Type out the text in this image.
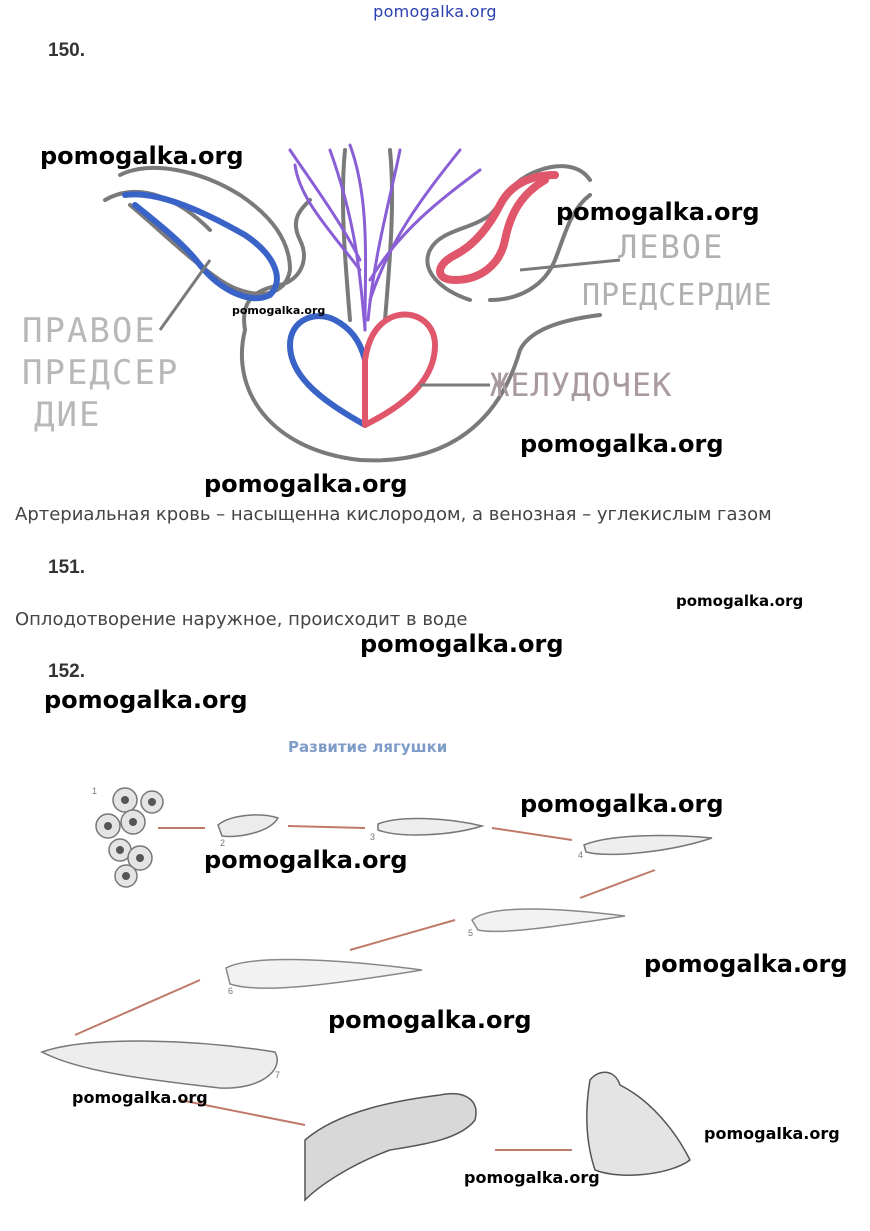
pomogalka.org
150.
ПРАВОЕ
ПРЕДСЕР
ДИЕ
ЛЕВОЕ
ПРЕДСЕРДИЕ
ЖЕЛУДОЧЕК
Артериальная кровь – насыщенна кислородом, а венозная – углекислым газом
151.
Оплодотворение наружное, происходит в воде
152.
Развитие лягушки
1
2
3
4
5
6
7
pomogalka.org
pomogalka.org
pomogalka.org
pomogalka.org
pomogalka.org
pomogalka.org
pomogalka.org
pomogalka.org
pomogalka.org
pomogalka.org
pomogalka.org
pomogalka.org
pomogalka.org
pomogalka.org
pomogalka.org
